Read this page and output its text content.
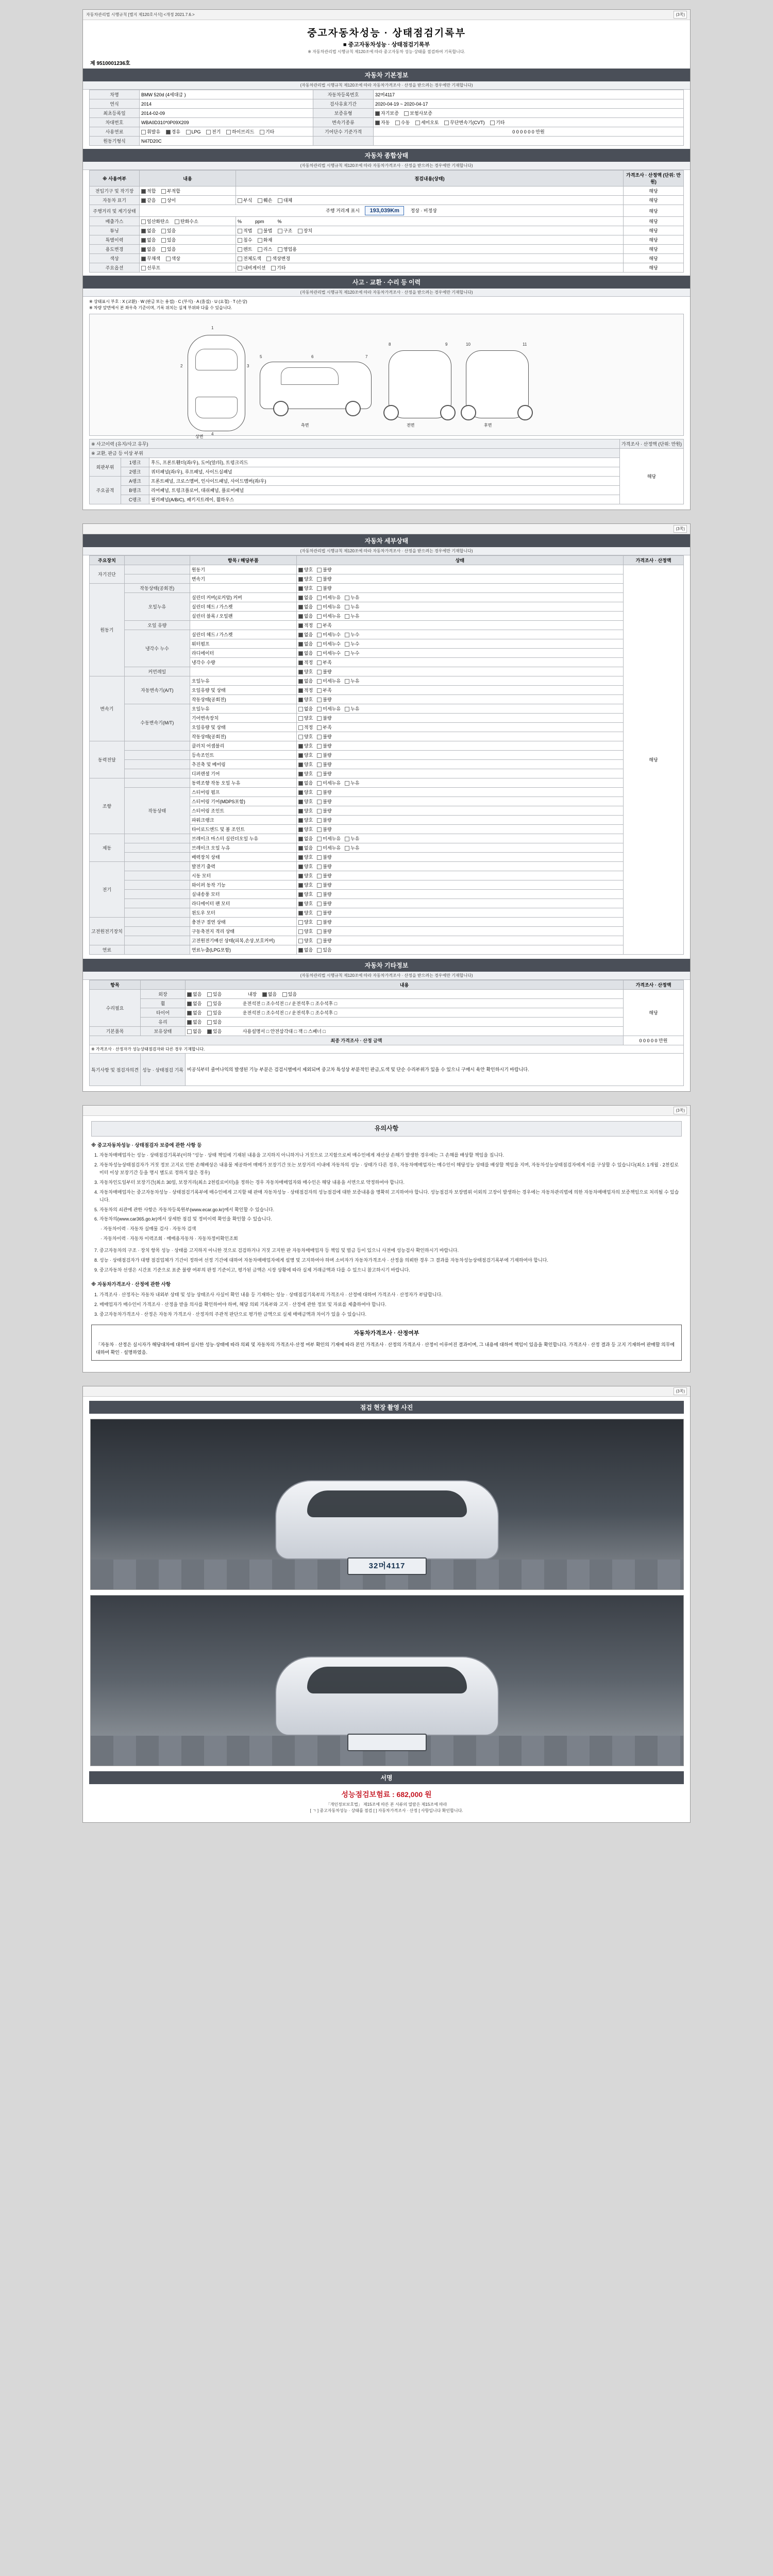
자동차관리법 시행규칙 [별지 제120호서식] <개정 2021.7.6.>	(3쪽)
중고자동차성능 · 상태점검기록부
■ 중고자동차성능 · 상태점검기록부
※ 자동차관리법 시행규칙 제120조에 따라 중고자동차 성능·상태를 점검하여 기록합니다.
제 9510001236호
자동차 기본정보
(자동차관리법 시행규칙 제120조에 따라 자동차가격조사 · 산정을 받으려는 경우에만 기재합니다)
차명	BMW 520d (4세대급 )	자동차등록번호	32머4117
연식	2014	검사유효기간	2020-04-19 ~ 2020-04-17
최초등록일	2014-02-09	보증유형	자기보증 보험사보증
차대번호	WBA0D310*0P09X209	변속기종류	자동 수동 세미오토 무단변속기(CVT) 기타
사용연료	휘발유 경유 LPG 전기 하이브리드 기타	기어단수 기준가격	0 0 0 0 0 0 만원
원동기형식	N47D20C		
자동차 종합상태
(자동차관리법 시행규칙 제120조에 따라 자동차가격조사 · 산정을 받으려는 경우에만 기재합니다)
※ 사용여부	내용	점검내용(상태)	가격조사 · 산정액 (단위: 만원)
전입기구 및 작기장	적합 부적합		해당
자동차 표기	같음 상이	부식 훼손 대체	해당
주행거리 및 계기상태	주행 거리계 표시 193,039Km 정상 · 비정상		해당
배출가스	일산화탄소 탄화수소	% ppm %	해당
튜닝	없음 있음	적법 불법 구조 장치	해당
특별이력	없음 있음	침수 화재	해당
용도변경	없음 있음	렌트 리스 영업용	해당
색상	무채색 색상	전체도색 색상변경	해당
주요옵션	선루프	내비게이션 기타	해당
사고 · 교환 · 수리 등 이력
(자동차관리법 시행규칙 제120조에 따라 자동차가격조사 · 산정을 받으려는 경우에만 기재합니다)
※ 상태표시 부호 : X (교환) · W (판금 또는 용접) · C (부식) · A (흠집) · U (요철) · T (손상)
※ 차량 앞면에서 본 좌우측 기준이며, 기록 위치는 실제 부위와 다를 수 있습니다.
1
2	3
4
5	6	7
8	9	10	11
상면
측면	전면	후면
※ 사고이력 (유지/사고 유무)			가격조사 · 산정액 (단위: 만원)
※ 교환, 판금 등 이상 부위			해당
외판부위	1랭크	후드, 프론트휀더(좌/우), 도어(앞/뒤), 트렁크리드	
	2랭크	쿼터패널(좌/우), 루프패널, 사이드실패널	
주요골격	A랭크	프론트패널, 크로스멤버, 인사이드패널, 사이드멤버(좌/우)	
	B랭크	리어패널, 트렁크플로어, 대쉬패널, 플로어패널	
	C랭크	필러패널(A/B/C), 패키지트레이, 휠하우스	
(3쪽)
자동차 세부상태
(자동차관리법 시행규칙 제120조에 따라 자동차가격조사 · 산정을 받으려는 경우에만 기재합니다)
주요장치		항목 / 해당부품	상태	가격조사 · 산정액
자기진단		원동기	양호 불량	해당
		변속기	양호 불량	
원동기	작동상태(공회전)		양호 불량	
	오일누유	실린더 커버(로커암) 커버	없음 미세누유 누유	
		실린더 헤드 / 가스켓	없음 미세누유 누유	
		실린더 블록 / 오일팬	없음 미세누유 누유	
	오일 유량		적정 부족	
	냉각수 누수	실린더 헤드 / 가스켓	없음 미세누수 누수	
		워터펌프	없음 미세누수 누수	
		라디에이터	없음 미세누수 누수	
		냉각수 수량	적정 부족	
	커먼레일		양호 불량	
변속기	자동변속기(A/T)	오일누유	없음 미세누유 누유	
		오일유량 및 상태	적정 부족	
		작동상태(공회전)	양호 불량	
	수동변속기(M/T)	오일누유	없음 미세누유 누유	
		기어변속장치	양호 불량	
		오일유량 및 상태	적정 부족	
		작동상태(공회전)	양호 불량	
동력전달		클러치 어셈블리	양호 불량	
		등속조인트	양호 불량	
		추진축 및 베어링	양호 불량	
		디퍼렌셜 기어	양호 불량	
조향		동력조향 작동 오일 누유	없음 미세누유 누유	
	작동상태	스티어링 펌프	양호 불량	
		스티어링 기어(MDPS포함)	양호 불량	
		스티어링 조인트	양호 불량	
		파워크랭크	양호 불량	
		타이로드엔드 및 볼 조인트	양호 불량	
제동		브레이크 마스터 실린더오일 누유	없음 미세누유 누유	
		브레이크 오일 누유	없음 미세누유 누유	
		배력장치 상태	양호 불량	
전기		발전기 출력	양호 불량	
		시동 모터	양호 불량	
		와이퍼 동작 기능	양호 불량	
		실내송풍 모터	양호 불량	
		라디에이터 팬 모터	양호 불량	
		윈도우 모터	양호 불량	
고전원전기장치		충전구 절연 상태	양호 불량	
		구동축전지 격리 상태	양호 불량	
		고전원전기배선 상태(피복,손상,보호커버)	양호 불량	
연료		연료누출(LPG포함)	없음 있음	
자동차 기타정보
(자동차관리법 시행규칙 제120조에 따라 자동차가격조사 · 산정을 받으려는 경우에만 기재합니다)
항목		내용	가격조사 · 산정액
수리필요	외장	없음 있음 내장 없음 있음	해당
	휠	없음 있음 운전석전 □ 조수석전 □ / 운전석후 □ 조수석후 □	
	타이어	없음 있음 운전석전 □ 조수석전 □ / 운전석후 □ 조수석후 □	
	유리	없음 있음	
기본품목	보유상태	없음 있음 사용설명서 □ 안전삼각대 □ 잭 □ 스패너 □	
최종 가격조사 · 산정 금액			0 0 0 0 0 만원
※ 가격조사 · 산정자가 성능상태점검자와 다른 경우 기재합니다.			
특기사항 및 점검자의견	성능 · 상태점검 기록	비공식부터 줄어나익의 발생된 기능 부분은 검검시별에서 제외되며 중고차 특성상 부분적인 판금,도색 및 단순 수리부위가 있을 수 있으니 구매시 육안 확인하시기 바랍니다.	
(3쪽)
유의사항
※ 중고자동차성능 · 상태점검자 보증에 관한 사항 등
1. 자동차매매업자는 성능 · 상태점검기록부(이하 "성능 · 상태 책임에 기재된 내용을 고지하지 아니하거나 거짓으로 고지함으로써 매수인에게 재산상 손해가 발생한 경우에는 그 손해를 배상할 책임을 집니다.
2. 자동차성능상태점검자가 거짓 정보 고지로 인한 손해배상은 내용물 제공하여 매매가 보장기간 또는 보장거리 이내에 자동차의 성능 · 상태가 다른 경우, 자동차매매업자는 매수인이 해당성능 상태를 배상할 책임을 지며, 자동차성능상태점검자에게 이를 구상할 수 있습니다(최소 1개월 · 2천킬로미터 이상 보장기간 등을 명시 별도로 정하지 않은 경우)
3. 자동차인도일부터 보장기간(최소 30일, 보장거리(최소 2천킬로미터)을 정하는 경우 자동차매매업자와 매수인은 해당 내용을 서면으로 약정하여야 합니다.
4. 자동차매매업자는 중고자동차성능 · 상태점검기록부에 매수인에게 고지할 때 판매 자동차성능 · 상태점검자의 성능점검에 대한 보증내용을 명확히 고지하여야 합니다. 성능점검자 보장범위 이외의 고장이 발생하는 경우에는 자동차관리법에 의한 자동차매매업자의 보증책임으로 처리될 수 있습니다.
5. 자동차의 쇠관에 관한 사항은 자동차등록원부(www.ecar.go.kr)에서 확인할 수 있습니다.
6. 자동차의(www.car365.go.kr)에서 상세한 점검 및 정비이력 확인을 확인할 수 있습니다.
· 자동차이력 · 자동차 실매물 검사 · 자동차 검색
· 자동차이력 · 자동차 이력조회 · 매매용자동차 · 자동차정비확인조회
7. 중고자동차의 구조 · 장치 항목 성능 · 상태를 고지하지 아니한 것으로 검검하거나 거짓 고지한 판 자동차매매업자 등 책임 및 벌금 등이 있으니 사전에 성능검사 확인하시기 바랍니다.
8. 성능 · 상태점검자가 대행 점검업체가 기간이 정하여 선정 기간에 대하여 자동차매매업자에게 설명 및 고지하여야 하며 소비자가 자동차가격조사 · 산정을 의뢰한 경우 그 결과를 자동차성능상태점검기록부에 기재하여야 합니다.
9. 중고자동차 선생은 시간표 기준으로 표준 불량 여부의 판정 기준이고, 평가된 금액은 시장 상황에 따라 실제 거래금액과 다를 수 있으니 참고하시기 바랍니다.
※ 자동차가격조사 · 산정에 관한 사항
1. 가격조사 · 산정자는 자동차 내외부 상태 및 성능 상태조사 사실이 확인 내용 등 기재하는 성능 · 상태점검기록부의 가격조사 · 산정에 대하여 가격조사 · 산정자가 부담합니다.
2. 매매업자가 매수인이 가격조사 · 산정을 받을 의사를 확인하여야 하며, 해당 의뢰 기록부와 고지 · 산정에 관한 정보 및 자료를 제출하여야 합니다.
3. 중고자동차가격조사 · 산정은 자동차 가격조사 · 산정자의 주관적 판단으로 평가한 금액으로 실제 매매금액과 차이가 있을 수 있습니다.
자동차가격조사 · 산정여부
「자동차 · 산정은 실시자가 해당대차에 대하여 실시한 성능·상태에 따라 의뢰 및 자동차의 가격조사·산정 여부 확인의 기재에 따라 본인 가격조사 · 산정의 가격조사 · 산정이 이루어진 결과이며, 그 내용에 대하여 책임이 있음을 확인합니다. 가격조사 · 산정 결과 등 고지 기재하여 판매할 의무에 대하여 확인 · 설명하였음.
(3쪽)
점검 현장 촬영 사진
32머4117
서명
성능점검보험료 : 682,000 원
「개인정보보호법」 제15조에 따른 본 서류의 열람은 제15조에 따라
[ ㄱ ] 중고자동차성능 · 상태를 점검 [ ] 자동차가격조사 · 산정 [ 사항입니다 확인합니다.
